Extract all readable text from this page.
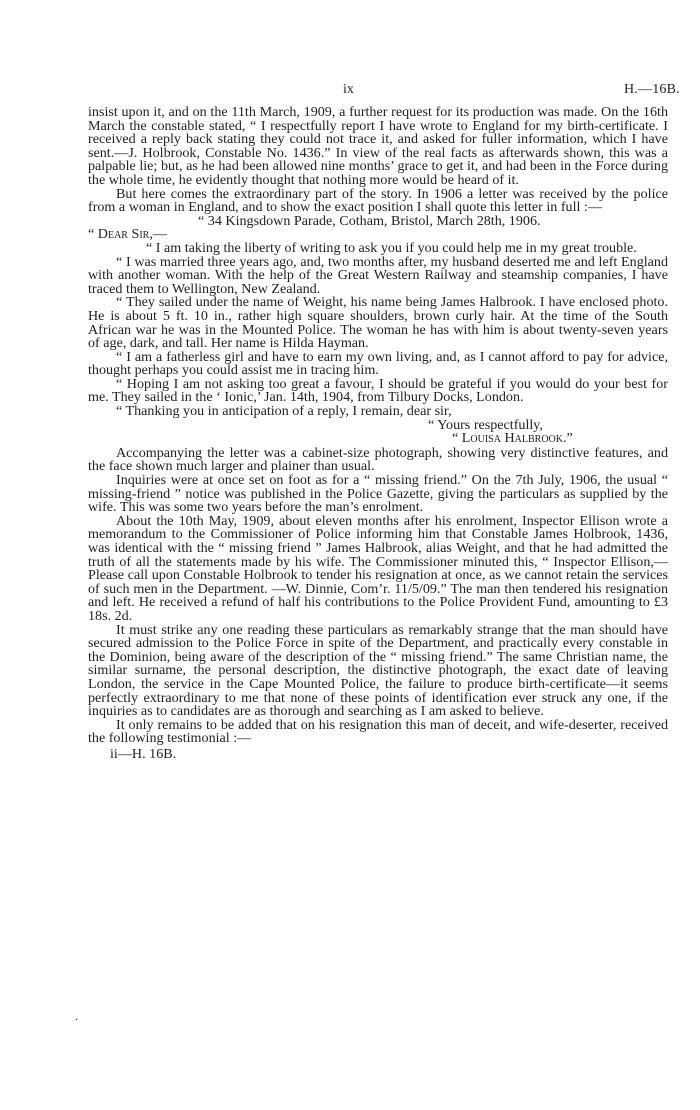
ix	H.—16B.

insist upon it, and on the 11th March, 1909, a further request for its production was made. On the 16th March the constable stated, “ I respectfully report I have wrote to England for my birth-certificate. I received a reply back stating they could not trace it, and asked for fuller information, which I have sent.—J. Holbrook, Constable No. 1436.” In view of the real facts as afterwards shown, this was a palpable lie; but, as he had been allowed nine months’ grace to get it, and had been in the Force during the whole time, he evidently thought that nothing more would be heard of it.

But here comes the extraordinary part of the story. In 1906 a letter was received by the police from a woman in England, and to show the exact position I shall quote this letter in full :—

“ 34 Kingsdown Parade, Cotham, Bristol, March 28th, 1906.

“ Dear Sir,—

“ I am taking the liberty of writing to ask you if you could help me in my great trouble.

“ I was married three years ago, and, two months after, my husband deserted me and left England with another woman. With the help of the Great Western Railway and steamship companies, I have traced them to Wellington, New Zealand.

“ They sailed under the name of Weight, his name being James Halbrook. I have enclosed photo. He is about 5 ft. 10 in., rather high square shoulders, brown curly hair. At the time of the South African war he was in the Mounted Police. The woman he has with him is about twenty-seven years of age, dark, and tall. Her name is Hilda Hayman.

“ I am a fatherless girl and have to earn my own living, and, as I cannot afford to pay for advice, thought perhaps you could assist me in tracing him.

“ Hoping I am not asking too great a favour, I should be grateful if you would do your best for me. They sailed in the ‘ Ionic,’ Jan. 14th, 1904, from Tilbury Docks, London.

“ Thanking you in anticipation of a reply, I remain, dear sir,

“ Yours respectfully,

“ Louisa Halbrook.”

Accompanying the letter was a cabinet-size photograph, showing very distinctive features, and the face shown much larger and plainer than usual.

Inquiries were at once set on foot as for a “ missing friend.” On the 7th July, 1906, the usual “ missing-friend ” notice was published in the Police Gazette, giving the particulars as supplied by the wife. This was some two years before the man’s enrolment.

About the 10th May, 1909, about eleven months after his enrolment, Inspector Ellison wrote a memorandum to the Commissioner of Police informing him that Constable James Holbrook, 1436, was identical with the “ missing friend ” James Halbrook, alias Weight, and that he had admitted the truth of all the statements made by his wife. The Commissioner minuted this, “ Inspector Ellison,—Please call upon Constable Holbrook to tender his resignation at once, as we cannot retain the services of such men in the Department. —W. Dinnie, Com’r. 11/5/09.” The man then tendered his resignation and left. He received a refund of half his contributions to the Police Provident Fund, amounting to £3 18s. 2d.

It must strike any one reading these particulars as remarkably strange that the man should have secured admission to the Police Force in spite of the Department, and practically every constable in the Dominion, being aware of the description of the “ missing friend.” The same Christian name, the similar surname, the personal description, the distinctive photograph, the exact date of leaving London, the service in the Cape Mounted Police, the failure to produce birth-certificate—it seems perfectly extraordinary to me that none of these points of identification ever struck any one, if the inquiries as to candidates are as thorough and searching as I am asked to believe.

It only remains to be added that on his resignation this man of deceit, and wife-deserter, received the following testimonial :—

ii—H. 16B.

.
